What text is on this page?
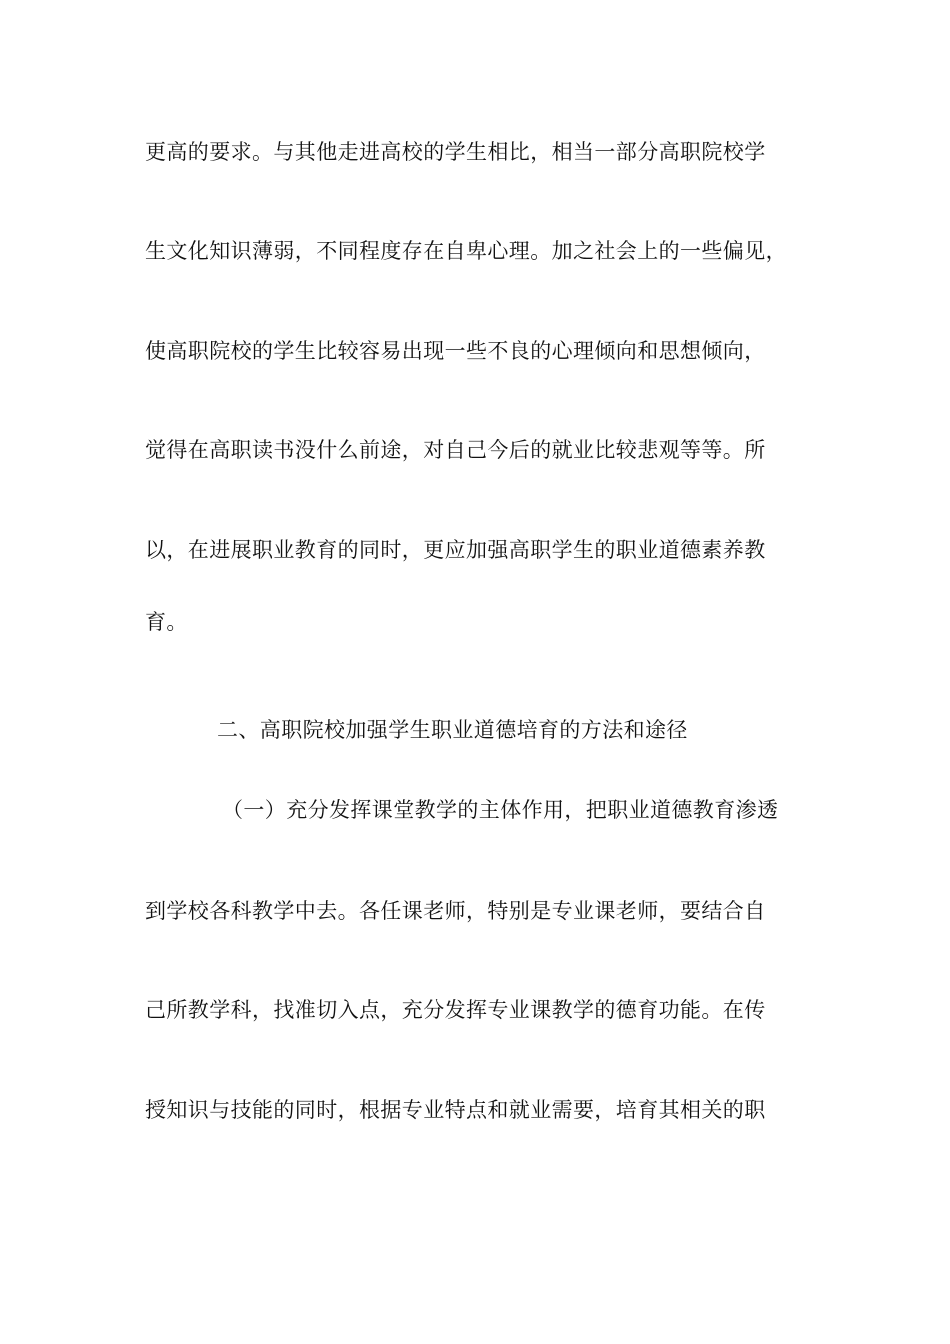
更高的要求。与其他走进高校的学生相比，相当一部分高职院校学
生文化知识薄弱，不同程度存在自卑心理。加之社会上的一些偏见，
使高职院校的学生比较容易出现一些不良的心理倾向和思想倾向，
觉得在高职读书没什么前途，对自己今后的就业比较悲观等等。所
以，在进展职业教育的同时，更应加强高职学生的职业道德素养教
育。
二、高职院校加强学生职业道德培育的方法和途径
（一）充分发挥课堂教学的主体作用，把职业道德教育渗透
到学校各科教学中去。各任课老师，特别是专业课老师，要结合自
己所教学科，找准切入点，充分发挥专业课教学的德育功能。在传
授知识与技能的同时，根据专业特点和就业需要，培育其相关的职
